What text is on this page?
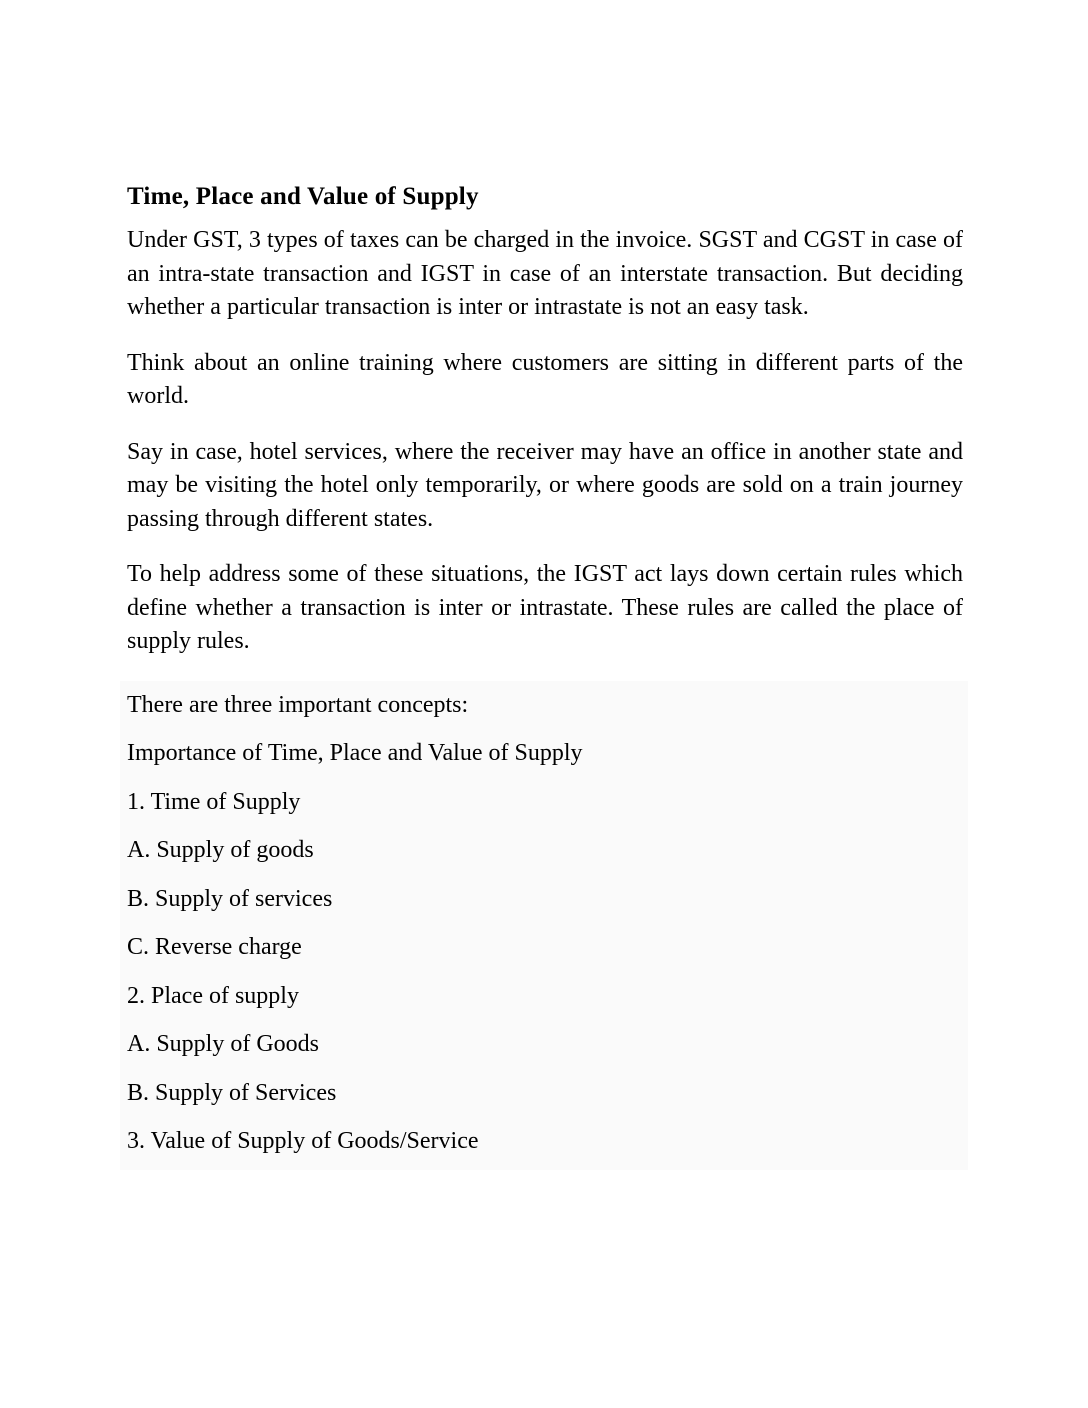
Time, Place and Value of Supply

Under GST, 3 types of taxes can be charged in the invoice. SGST and CGST in case of an intra-state transaction and IGST in case of an interstate transaction. But deciding whether a particular transaction is inter or intrastate is not an easy task.

Think about an online training where customers are sitting in different parts of the world.

Say in case, hotel services, where the receiver may have an office in another state and may be visiting the hotel only temporarily, or where goods are sold on a train journey passing through different states.

To help address some of these situations, the IGST act lays down certain rules which define whether a transaction is inter or intrastate. These rules are called the place of supply rules.

There are three important concepts:

Importance of Time, Place and Value of Supply

1. Time of Supply

A. Supply of goods

B. Supply of services

C. Reverse charge

2. Place of supply

A. Supply of Goods

B. Supply of Services

3. Value of Supply of Goods/Service
